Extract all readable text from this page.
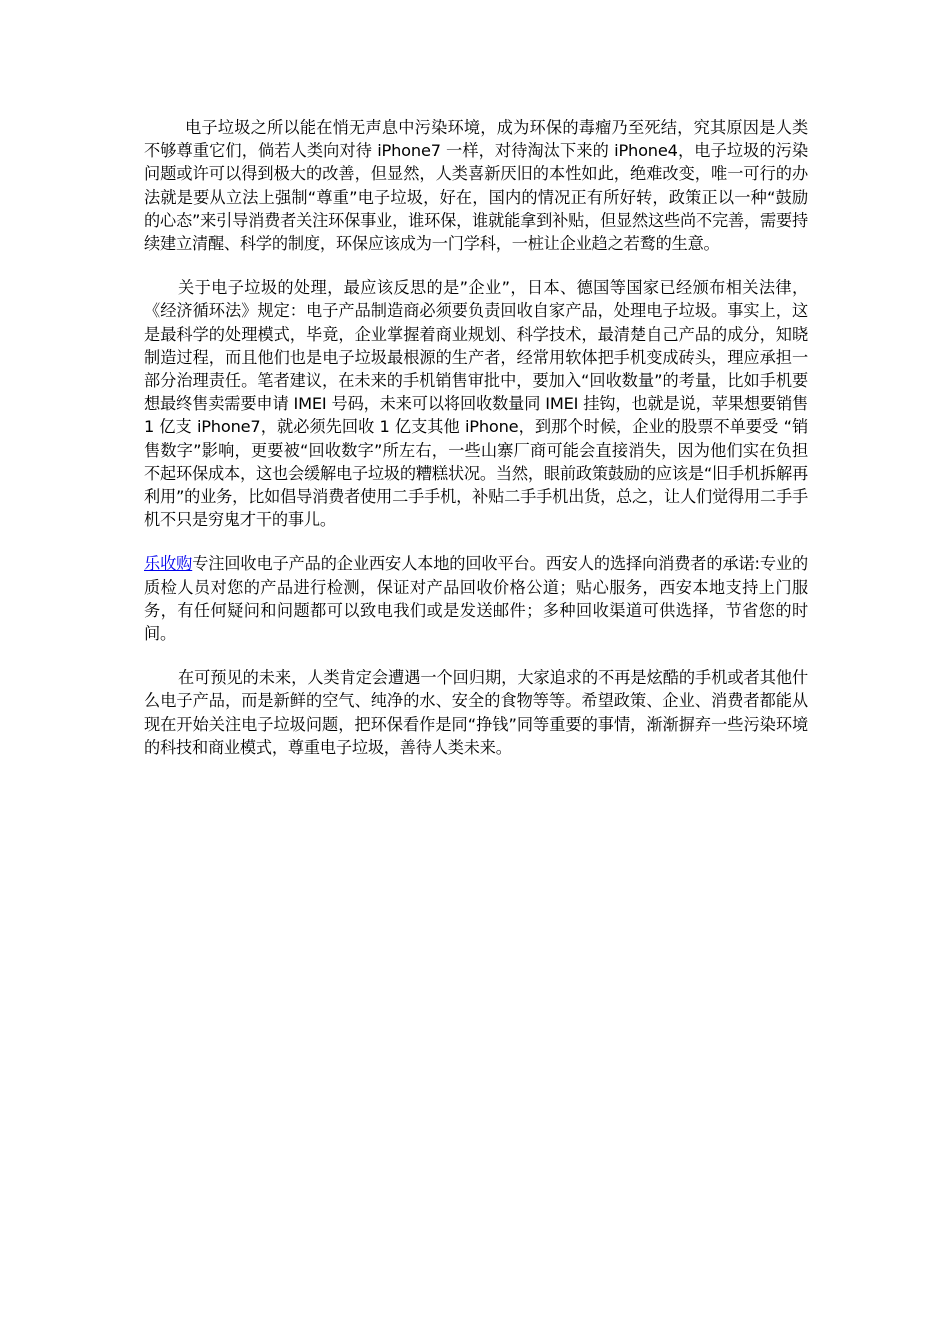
电子垃圾之所以能在悄无声息中污染环境，成为环保的毒瘤乃至死结，究其原因是人类不够尊重它们，倘若人类向对待 iPhone7 一样，对待淘汰下来的 iPhone4，电子垃圾的污染问题或许可以得到极大的改善，但显然，人类喜新厌旧的本性如此，绝难改变，唯一可行的办法就是要从立法上强制“尊重”电子垃圾，好在，国内的情况正有所好转，政策正以一种“鼓励的心态”来引导消费者关注环保事业，谁环保，谁就能拿到补贴，但显然这些尚不完善，需要持续建立清醒、科学的制度，环保应该成为一门学科，一桩让企业趋之若鹜的生意。

关于电子垃圾的处理，最应该反思的是”企业”，日本、德国等国家已经颁布相关法律，《经济循环法》规定：电子产品制造商必须要负责回收自家产品，处理电子垃圾。事实上，这是最科学的处理模式，毕竟，企业掌握着商业规划、科学技术，最清楚自己产品的成分，知晓制造过程，而且他们也是电子垃圾最根源的生产者，经常用软体把手机变成砖头，理应承担一部分治理责任。笔者建议，在未来的手机销售审批中，要加入“回收数量”的考量，比如手机要想最终售卖需要申请 IMEI 号码，未来可以将回收数量同 IMEI 挂钩，也就是说，苹果想要销售 1 亿支 iPhone7，就必须先回收 1 亿支其他 iPhone，到那个时候，企业的股票不单要受 “销售数字”影响，更要被“回收数字”所左右，一些山寨厂商可能会直接消失，因为他们实在负担不起环保成本，这也会缓解电子垃圾的糟糕状况。当然，眼前政策鼓励的应该是“旧手机拆解再利用”的业务，比如倡导消费者使用二手手机，补贴二手手机出货，总之，让人们觉得用二手手机不只是穷鬼才干的事儿。

乐收购专注回收电子产品的企业西安人本地的回收平台。西安人的选择向消费者的承诺:专业的质检人员对您的产品进行检测，保证对产品回收价格公道；贴心服务，西安本地支持上门服务，有任何疑问和问题都可以致电我们或是发送邮件；多种回收渠道可供选择，节省您的时间。

在可预见的未来，人类肯定会遭遇一个回归期，大家追求的不再是炫酷的手机或者其他什么电子产品，而是新鲜的空气、纯净的水、安全的食物等等。希望政策、企业、消费者都能从现在开始关注电子垃圾问题，把环保看作是同“挣钱”同等重要的事情，渐渐摒弃一些污染环境的科技和商业模式，尊重电子垃圾，善待人类未来。
